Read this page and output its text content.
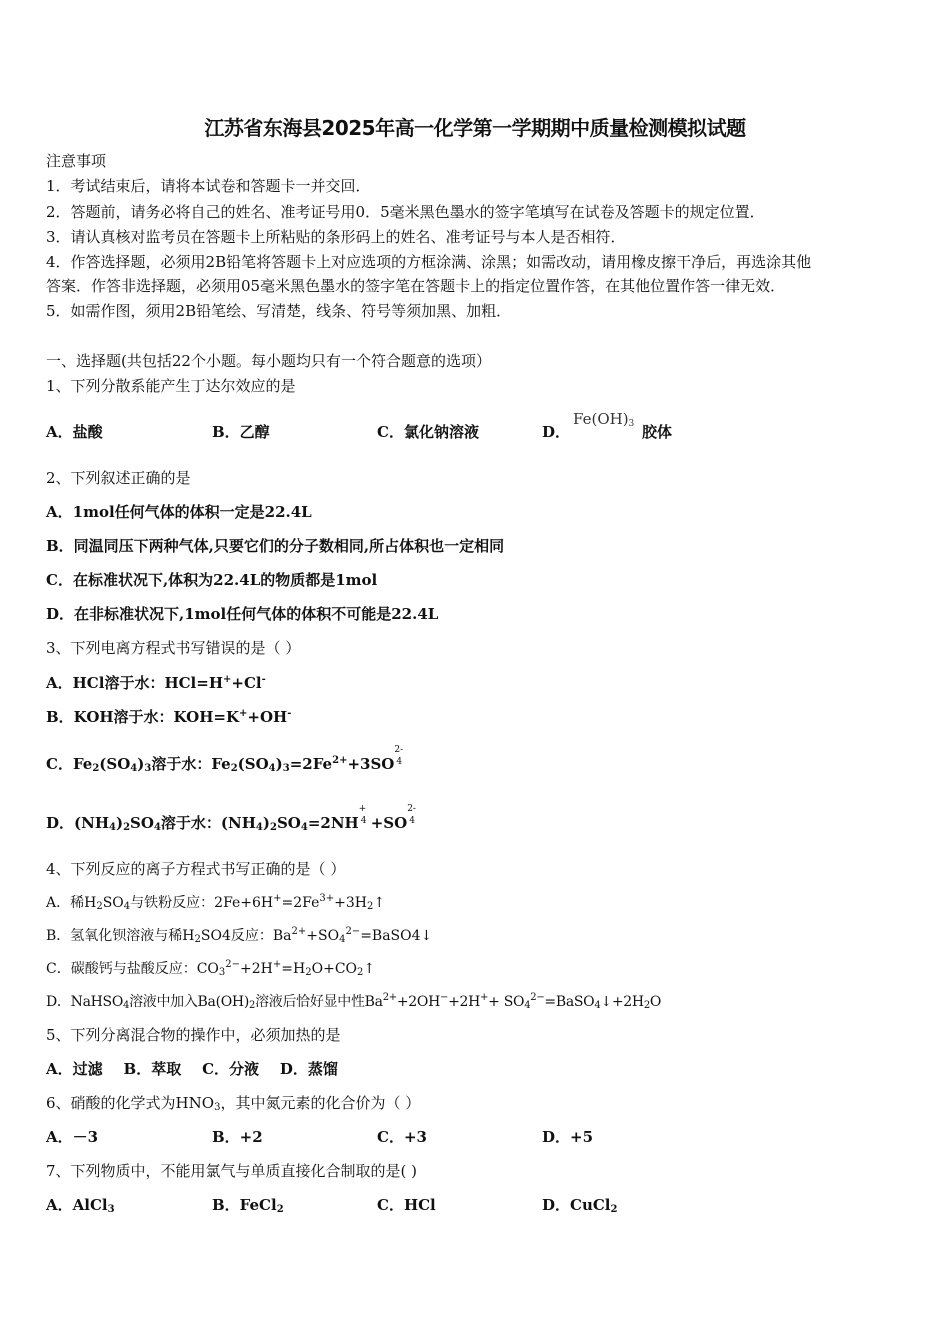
江苏省东海县2025年高一化学第一学期期中质量检测模拟试题
注意事项
1．考试结束后，请将本试卷和答题卡一并交回．
2．答题前，请务必将自己的姓名、准考证号用0．5毫米黑色墨水的签字笔填写在试卷及答题卡的规定位置．
3．请认真核对监考员在答题卡上所粘贴的条形码上的姓名、准考证号与本人是否相符．
4．作答选择题，必须用2B铅笔将答题卡上对应选项的方框涂满、涂黑；如需改动，请用橡皮擦干净后，再选涂其他
答案．作答非选择题，必须用05毫米黑色墨水的签字笔在答题卡上的指定位置作答，在其他位置作答一律无效．
5．如需作图，须用2B铅笔绘、写清楚，线条、符号等须加黑、加粗．
一、选择题(共包括22个小题。每小题均只有一个符合题意的选项）
1、下列分散系能产生丁达尔效应的是
A．盐酸	B．乙醇	C．氯化钠溶液	D．
$Fe(OH)_3$ 胶体
2、下列叙述正确的是
A．1mol任何气体的体积一定是22.4L
B．同温同压下两种气体,只要它们的分子数相同,所占体积也一定相同
C．在标准状况下,体积为22.4L的物质都是1mol
D．在非标准状况下,1mol任何气体的体积不可能是22.4L
3、下列电离方程式书写错误的是（ ）
A．HCl溶于水：HCl=H++Cl-
B．KOH溶于水：KOH=K++OH-
C．$Fe_2(SO_4)_3$溶于水：$Fe_2(SO_4)_3=2Fe^{2+}+3SO$
2-
4
D．$(NH_4)_2SO_4$溶于水：$(NH_4)_2SO_4=2NH$
+
4 +SO
2-
4
4、下列反应的离子方程式书写正确的是（ ）
A．稀$H_2SO_4$与铁粉反应：$2Fe+6H^+=2Fe^{3+}+3H_2↑$
B．氢氧化钡溶液与稀$H_2SO4$反应：$Ba^{2+}+SO_4^{2-}=BaSO4↓$
C．碳酸钙与盐酸反应：$CO_3^{2-}+2H^+=H_2O+CO_2↑$
D．NaHSO$_4$溶液中加入$Ba(OH)_2$溶液后恰好显中性$Ba^{2+}+2OH^-+2H^++$ $SO_4^{2-}=BaSO_4↓+2H_2O$
5、下列分离混合物的操作中，必须加热的是
A．过滤    B．萃取    C．分液    D．蒸馏
6、硝酸的化学式为$HNO_3$，其中氮元素的化合价为（ ）
A．－3	B．+2	C．+3	D．+5
7、下列物质中，不能用氯气与单质直接化合制取的是( )
A．AlCl$_3$	B．FeCl$_2$	C．HCl	D．CuCl$_2$
